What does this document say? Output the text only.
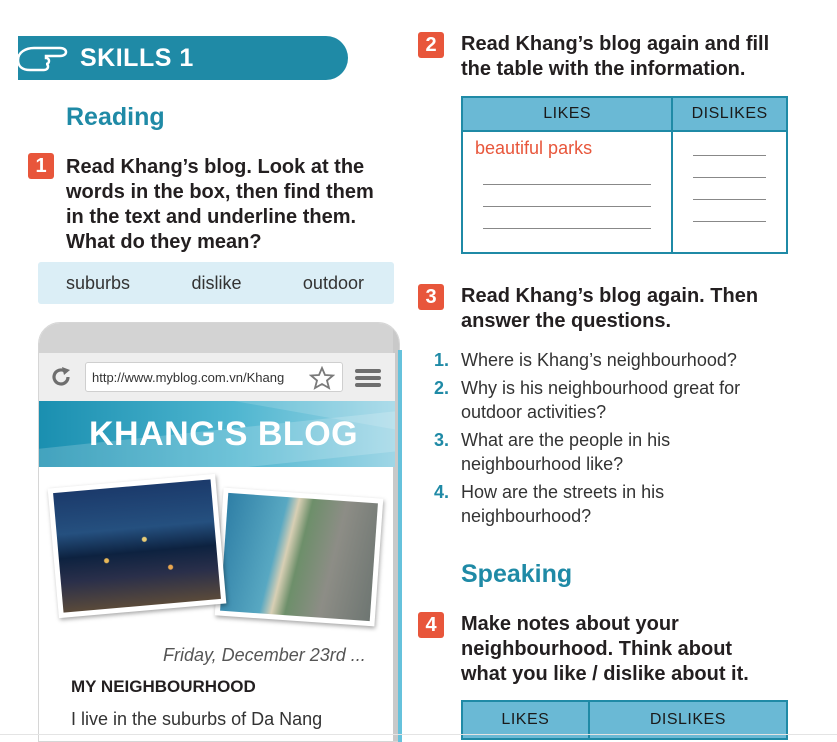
SKILLS 1
Reading
1 Read Khang’s blog. Look at the
words in the box, then find them
in the text and underline them.
What do they mean?
suburbs	dislike	outdoor
http://www.myblog.com.vn/Khang
KHANG'S BLOG
Friday, December 23rd ...
MY NEIGHBOURHOOD
I live in the suburbs of Da Nang
2	Read Khang’s blog again and fill
the table with the information.
LIKES	DISLIKES

beautiful parks	

3	Read Khang’s blog again. Then
answer the questions.
1. Where is Khang’s neighbourhood?
2. Why is his neighbourhood great for
outdoor activities?
3. What are the people in his
neighbourhood like?
4. How are the streets in his
neighbourhood?
Speaking
4	Make notes about your
neighbourhood. Think about
what you like / dislike about it.
LIKES	DISLIKES
